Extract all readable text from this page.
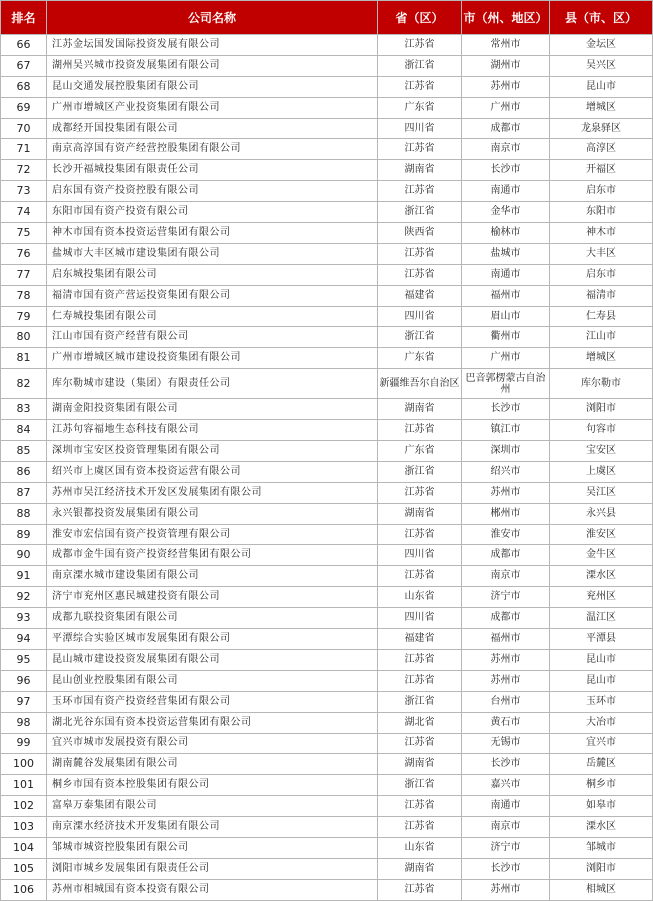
排名	公司名称	省（区）	市（州、地区）	县（市、区）
66	江苏金坛国发国际投资发展有限公司	江苏省	常州市	金坛区
67	湖州吴兴城市投资发展集团有限公司	浙江省	湖州市	吴兴区
68	昆山交通发展控股集团有限公司	江苏省	苏州市	昆山市
69	广州市增城区产业投资集团有限公司	广东省	广州市	增城区
70	成都经开国投集团有限公司	四川省	成都市	龙泉驿区
71	南京高淳国有资产经营控股集团有限公司	江苏省	南京市	高淳区
72	长沙开福城投集团有限责任公司	湖南省	长沙市	开福区
73	启东国有资产投资控股有限公司	江苏省	南通市	启东市
74	东阳市国有资产投资有限公司	浙江省	金华市	东阳市
75	神木市国有资本投资运营集团有限公司	陕西省	榆林市	神木市
76	盐城市大丰区城市建设集团有限公司	江苏省	盐城市	大丰区
77	启东城投集团有限公司	江苏省	南通市	启东市
78	福清市国有资产营运投资集团有限公司	福建省	福州市	福清市
79	仁寿城投集团有限公司	四川省	眉山市	仁寿县
80	江山市国有资产经营有限公司	浙江省	衢州市	江山市
81	广州市增城区城市建设投资集团有限公司	广东省	广州市	增城区
82	库尔勒城市建设（集团）有限责任公司	新疆维吾尔自治区	巴音郭楞蒙古自治州	库尔勒市
83	湖南金阳投资集团有限公司	湖南省	长沙市	浏阳市
84	江苏句容福地生态科技有限公司	江苏省	镇江市	句容市
85	深圳市宝安区投资管理集团有限公司	广东省	深圳市	宝安区
86	绍兴市上虞区国有资本投资运营有限公司	浙江省	绍兴市	上虞区
87	苏州市吴江经济技术开发区发展集团有限公司	江苏省	苏州市	吴江区
88	永兴银都投资发展集团有限公司	湖南省	郴州市	永兴县
89	淮安市宏信国有资产投资管理有限公司	江苏省	淮安市	淮安区
90	成都市金牛国有资产投资经营集团有限公司	四川省	成都市	金牛区
91	南京溧水城市建设集团有限公司	江苏省	南京市	溧水区
92	济宁市兖州区惠民城建投资有限公司	山东省	济宁市	兖州区
93	成都九联投资集团有限公司	四川省	成都市	温江区
94	平潭综合实验区城市发展集团有限公司	福建省	福州市	平潭县
95	昆山城市建设投资发展集团有限公司	江苏省	苏州市	昆山市
96	昆山创业控股集团有限公司	江苏省	苏州市	昆山市
97	玉环市国有资产投资经营集团有限公司	浙江省	台州市	玉环市
98	湖北光谷东国有资本投资运营集团有限公司	湖北省	黄石市	大冶市
99	宜兴市城市发展投资有限公司	江苏省	无锡市	宜兴市
100	湖南麓谷发展集团有限公司	湖南省	长沙市	岳麓区
101	桐乡市国有资本控股集团有限公司	浙江省	嘉兴市	桐乡市
102	富皋万泰集团有限公司	江苏省	南通市	如皋市
103	南京溧水经济技术开发集团有限公司	江苏省	南京市	溧水区
104	邹城市城资控股集团有限公司	山东省	济宁市	邹城市
105	浏阳市城乡发展集团有限责任公司	湖南省	长沙市	浏阳市
106	苏州市相城国有资本投资有限公司	江苏省	苏州市	相城区
